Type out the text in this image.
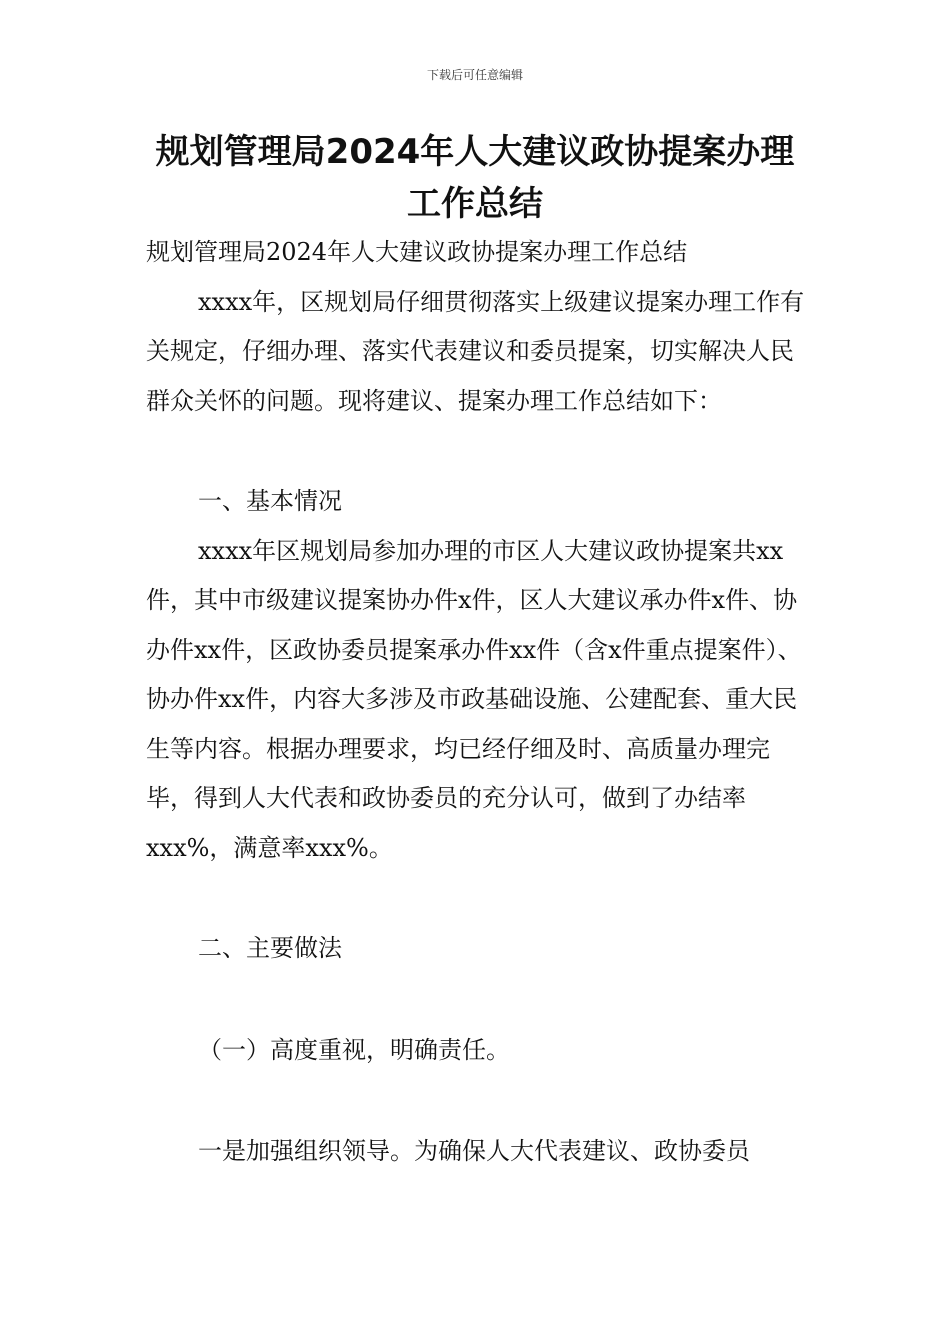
下载后可任意编辑
规划管理局2024年人大建议政协提案办理
工作总结

规划管理局2024年人大建议政协提案办理工作总结

xxxx年，区规划局仔细贯彻落实上级建议提案办理工作有关规定，仔细办理、落实代表建议和委员提案，切实解决人民群众关怀的问题。现将建议、提案办理工作总结如下：

一、基本情况

xxxx年区规划局参加办理的市区人大建议政协提案共xx件，其中市级建议提案协办件x件，区人大建议承办件x件、协办件xx件，区政协委员提案承办件xx件（含x件重点提案件）、协办件xx件，内容大多涉及市政基础设施、公建配套、重大民生等内容。根据办理要求，均已经仔细及时、高质量办理完毕，得到人大代表和政协委员的充分认可，做到了办结率xxx%，满意率xxx%。

二、主要做法

（一）高度重视，明确责任。

一是加强组织领导。为确保人大代表建议、政协委员
